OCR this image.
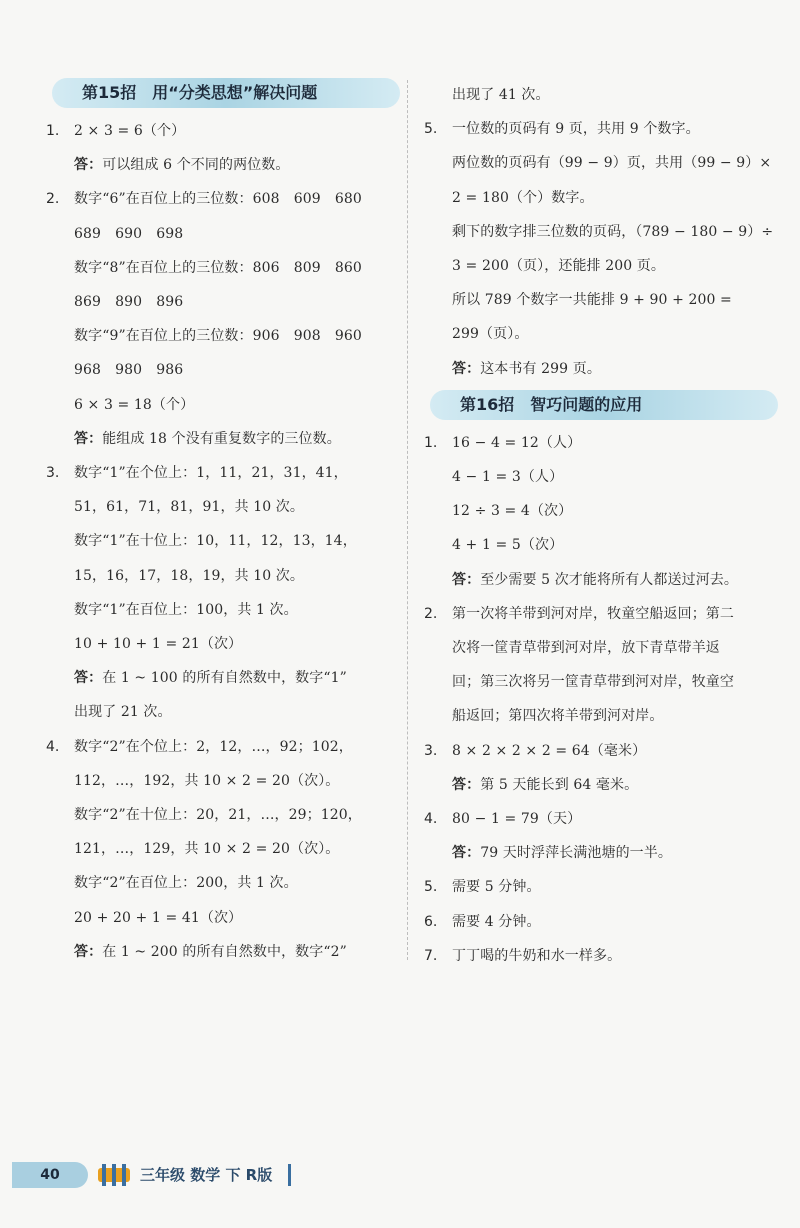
第15招　用“分类思想”解决问题
1. 2 × 3 = 6（个）
答：可以组成 6 个不同的两位数。
2. 数字“6”在百位上的三位数：608　609　680
689　690　698
数字“8”在百位上的三位数：806　809　860
869　890　896
数字“9”在百位上的三位数：906　908　960
968　980　986
6 × 3 = 18（个）
答：能组成 18 个没有重复数字的三位数。
3. 数字“1”在个位上：1，11，21，31，41，
51，61，71，81，91，共 10 次。
数字“1”在十位上：10，11，12，13，14，
15，16，17，18，19，共 10 次。
数字“1”在百位上：100，共 1 次。
10 + 10 + 1 = 21（次）
答：在 1 ~ 100 的所有自然数中，数字“1”
出现了 21 次。
4. 数字“2”在个位上：2，12，…，92；102，
112，…，192，共 10 × 2 = 20（次）。
数字“2”在十位上：20，21，…，29；120，
121，…，129，共 10 × 2 = 20（次）。
数字“2”在百位上：200，共 1 次。
20 + 20 + 1 = 41（次）
答：在 1 ~ 200 的所有自然数中，数字“2”
出现了 41 次。
5. 一位数的页码有 9 页，共用 9 个数字。
两位数的页码有（99 − 9）页，共用（99 − 9）×
2 = 180（个）数字。
剩下的数字排三位数的页码，（789 − 180 − 9）÷
3 = 200（页），还能排 200 页。
所以 789 个数字一共能排 9 + 90 + 200 =
299（页）。
答：这本书有 299 页。
第16招　智巧问题的应用
1. 16 − 4 = 12（人）
4 − 1 = 3（人）
12 ÷ 3 = 4（次）
4 + 1 = 5（次）
答：至少需要 5 次才能将所有人都送过河去。
2. 第一次将羊带到河对岸，牧童空船返回；第二
次将一筐青草带到河对岸，放下青草带羊返
回；第三次将另一筐青草带到河对岸，牧童空
船返回；第四次将羊带到河对岸。
3. 8 × 2 × 2 × 2 = 64（毫米）
答：第 5 天能长到 64 毫米。
4. 80 − 1 = 79（天）
答：79 天时浮萍长满池塘的一半。
5. 需要 5 分钟。
6. 需要 4 分钟。
7. 丁丁喝的牛奶和水一样多。
40	三年级 数学 下 R版
